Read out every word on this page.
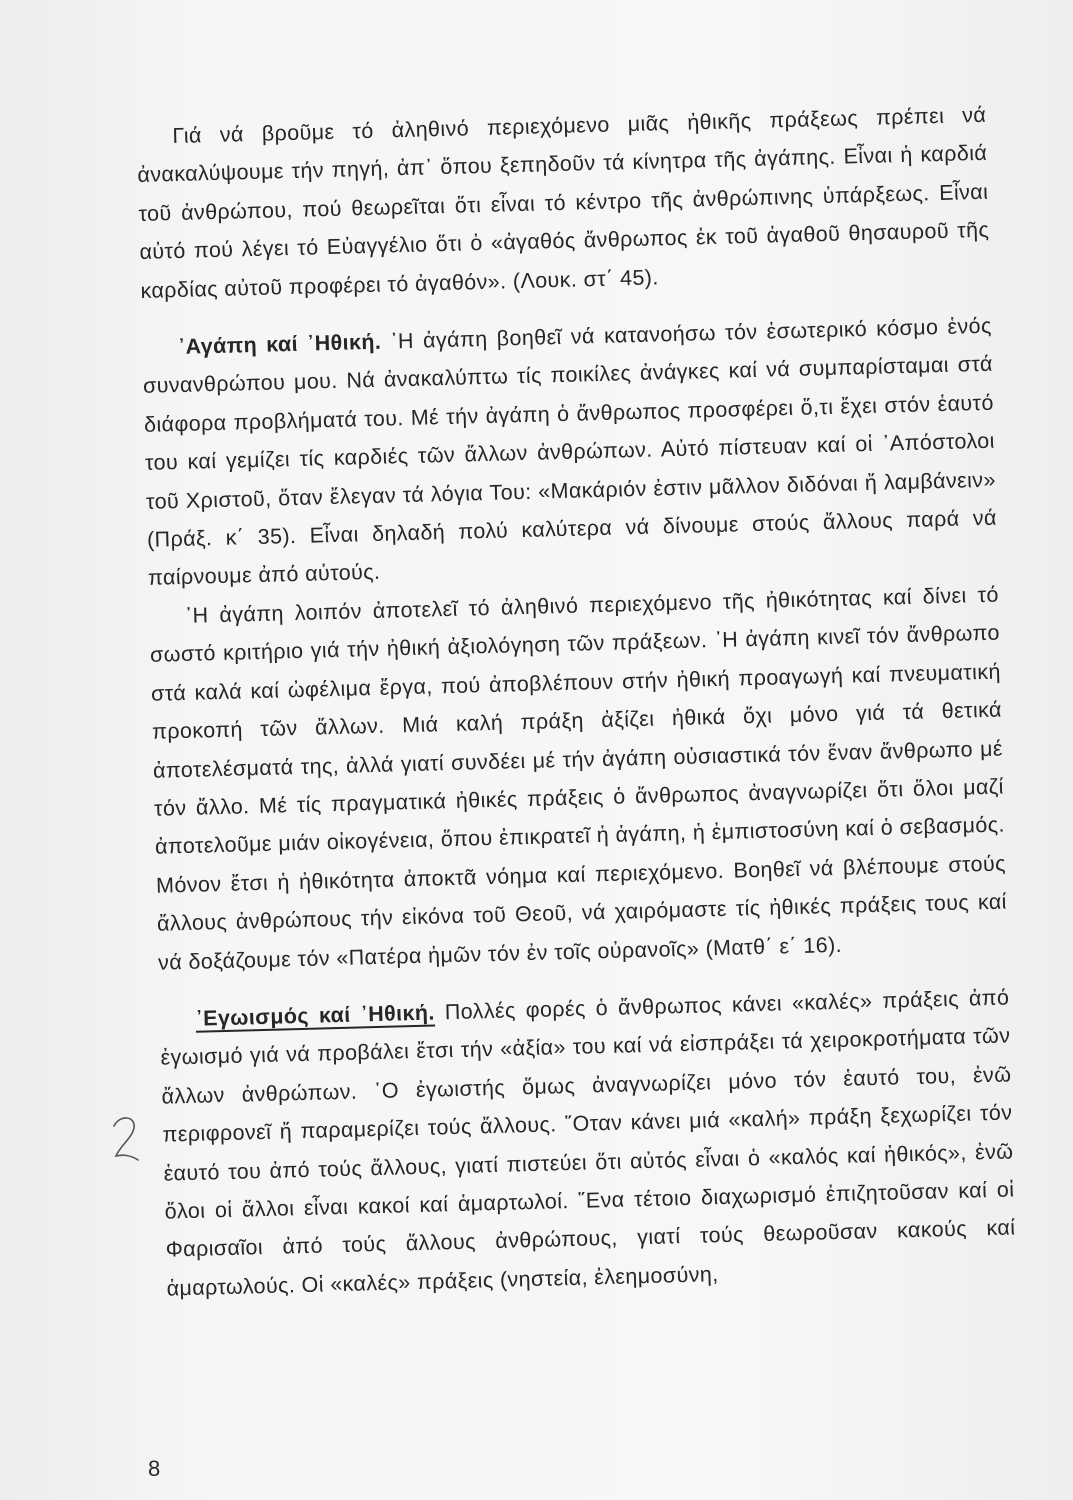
Γιά νά βροῦμε τό ἀληθινό περιεχόμενο μιᾶς ἠθικῆς πράξεως πρέπει νά ἀνακαλύψουμε τήν πηγή, ἀπ᾽ ὅπου ξεπηδοῦν τά κίνητρα τῆς ἀγάπης. Εἶναι ἡ καρδιά τοῦ ἀνθρώπου, πού θεωρεῖται ὅτι εἶναι τό κέντρο τῆς ἀνθρώπινης ὑπάρξεως. Εἶναι αὐτό πού λέγει τό Εὐαγγέλιο ὅτι ὁ «ἀγαθός ἄνθρωπος ἐκ τοῦ ἀγαθοῦ θησαυροῦ τῆς καρδίας αὐτοῦ προφέρει τό ἀγαθόν». (Λουκ. στ΄ 45).

᾽Αγάπη καί ᾽Ηθική. ᾽Η ἀγάπη βοηθεῖ νά κατανοήσω τόν ἐσωτερικό κόσμο ἑνός συνανθρώπου μου. Νά ἀνακαλύπτω τίς ποικίλες ἀνάγκες καί νά συμπαρίσταμαι στά διάφορα προβλήματά του. Μέ τήν ἀγάπη ὁ ἄνθρωπος προσφέρει ὅ,τι ἔχει στόν ἑαυτό του καί γεμίζει τίς καρδιές τῶν ἄλλων ἀνθρώπων. Αὐτό πίστευαν καί οἱ ᾽Απόστολοι τοῦ Χριστοῦ, ὅταν ἔλεγαν τά λόγια Του: «Μακάριόν ἐστιν μᾶλλον διδόναι ἤ λαμβάνειν» (Πράξ. κ΄ 35). Εἶναι δηλαδή πολύ καλύτερα νά δίνουμε στούς ἄλλους παρά νά παίρνουμε ἀπό αὐτούς.

᾽Η ἀγάπη λοιπόν ἀποτελεῖ τό ἀληθινό περιεχόμενο τῆς ἠθικότητας καί δίνει τό σωστό κριτήριο γιά τήν ἠθική ἀξιολόγηση τῶν πράξεων. ᾽Η ἀγάπη κινεῖ τόν ἄνθρωπο στά καλά καί ὠφέλιμα ἔργα, πού ἀποβλέπουν στήν ἠθική προαγωγή καί πνευματική προκοπή τῶν ἄλλων. Μιά καλή πράξη ἀξίζει ἠθικά ὄχι μόνο γιά τά θετικά ἀποτελέσματά της, ἀλλά γιατί συνδέει μέ τήν ἀγάπη οὐσιαστικά τόν ἕναν ἄνθρωπο μέ τόν ἄλλο. Μέ τίς πραγματικά ἠθικές πράξεις ὁ ἄνθρωπος ἀναγνωρίζει ὅτι ὅλοι μαζί ἀποτελοῦμε μιάν οἰκογένεια, ὅπου ἐπικρατεῖ ἡ ἀγάπη, ἡ ἐμπιστοσύνη καί ὁ σεβασμός. Μόνον ἔτσι ἡ ἠθικότητα ἀποκτᾶ νόημα καί περιεχόμενο. Βοηθεῖ νά βλέπουμε στούς ἄλλους ἀνθρώπους τήν εἰκόνα τοῦ Θεοῦ, νά χαιρόμαστε τίς ἠθικές πράξεις τους καί νά δοξάζουμε τόν «Πατέρα ἡμῶν τόν ἐν τοῖς οὐρανοῖς» (Ματθ΄ ε΄ 16).

᾽Εγωισμός καί ᾽Ηθική. Πολλές φορές ὁ ἄνθρωπος κάνει «καλές» πράξεις ἀπό ἐγωισμό γιά νά προβάλει ἔτσι τήν «ἀξία» του καί νά εἰσπράξει τά χειροκροτήματα τῶν ἄλλων ἀνθρώπων. ῾Ο ἐγωιστής ὅμως ἀναγνωρίζει μόνο τόν ἑαυτό του, ἐνῶ περιφρονεῖ ἤ παραμερίζει τούς ἄλλους. ῞Οταν κάνει μιά «καλή» πράξη ξεχωρίζει τόν ἑαυτό του ἀπό τούς ἄλλους, γιατί πιστεύει ὅτι αὐτός εἶναι ὁ «καλός καί ἠθικός», ἐνῶ ὅλοι οἱ ἄλλοι εἶναι κακοί καί ἁμαρτωλοί. ῞Ενα τέτοιο διαχωρισμό ἐπιζητοῦσαν καί οἱ Φαρισαῖοι ἀπό τούς ἄλλους ἀνθρώπους, γιατί τούς θεωροῦσαν κακούς καί ἁμαρτωλούς. Οἱ «καλές» πράξεις (νηστεία, ἐλεημοσύνη,

8
